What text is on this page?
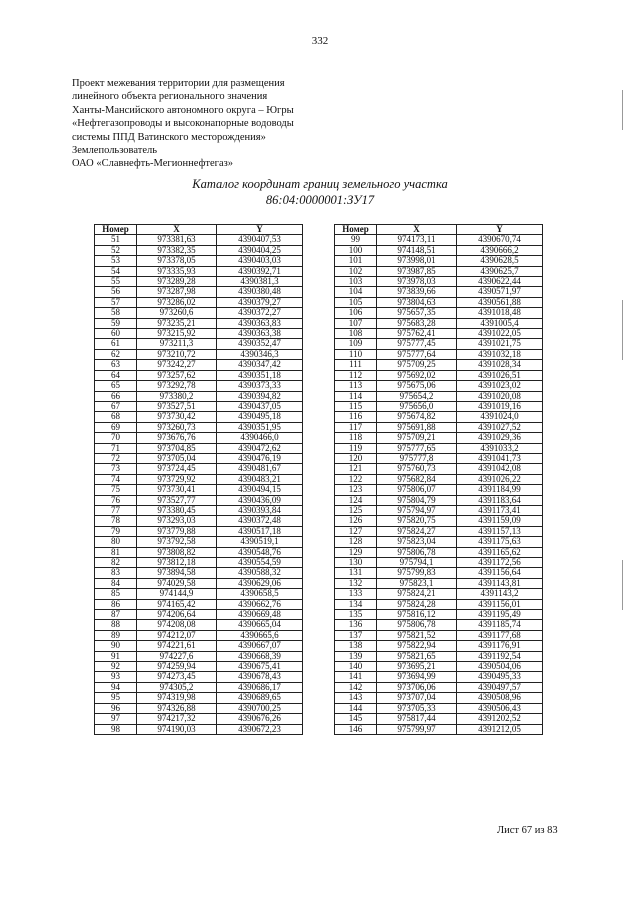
332
Проект межевания территории для размещения
линейного объекта регионального значения
Ханты-Мансийского автономного округа – Югры
«Нефтегазопроводы и высоконапорные водоводы
системы ППД Ватинского месторождения»
Землепользователь
ОАО «Славнефть-Мегионнефтегаз»
Каталог координат границ земельного участка
86:04:0000001:ЗУ17
Номер	X	Y
51	973381,63	4390407,53
52	973382,35	4390404,25
53	973378,05	4390403,03
54	973335,93	4390392,71
55	973289,28	4390381,3
56	973287,98	4390380,48
57	973286,02	4390379,27
58	973260,6	4390372,27
59	973235,21	4390363,83
60	973215,92	4390363,38
61	973211,3	4390352,47
62	973210,72	4390346,3
63	973242,27	4390347,42
64	973257,62	4390351,18
65	973292,78	4390373,33
66	973380,2	4390394,82
67	973527,51	4390437,05
68	973730,42	4390495,18
69	973260,73	4390351,95
70	973676,76	4390466,0
71	973704,85	4390472,62
72	973705,04	4390476,19
73	973724,45	4390481,67
74	973729,92	4390483,21
75	973730,41	4390494,15
76	973527,77	4390436,09
77	973380,45	4390393,84
78	973293,03	4390372,48
79	973779,88	4390517,18
80	973792,58	4390519,1
81	973808,82	4390548,76
82	973812,18	4390554,59
83	973894,58	4390588,32
84	974029,58	4390629,06
85	974144,9	4390658,5
86	974165,42	4390662,76
87	974206,64	4390669,48
88	974208,08	4390665,04
89	974212,07	4390665,6
90	974221,61	4390667,07
91	974227,6	4390668,39
92	974259,94	4390675,41
93	974273,45	4390678,43
94	974305,2	4390686,17
95	974319,98	4390689,65
96	974326,88	4390700,25
97	974217,32	4390676,26
98	974190,03	4390672,23
Номер	X	Y
99	974173,11	4390670,74
100	974148,51	4390666,2
101	973998,01	4390628,5
102	973987,85	4390625,7
103	973978,03	4390622,44
104	973839,66	4390571,97
105	973804,63	4390561,88
106	975657,35	4391018,48
107	975683,28	4391005,4
108	975762,41	4391022,05
109	975777,45	4391021,75
110	975777,64	4391032,18
111	975709,25	4391028,34
112	975692,02	4391026,51
113	975675,06	4391023,02
114	975654,2	4391020,08
115	975656,0	4391019,16
116	975674,82	4391024,0
117	975691,88	4391027,52
118	975709,21	4391029,36
119	975777,65	4391033,2
120	975777,8	4391041,73
121	975760,73	4391042,08
122	975682,84	4391026,22
123	975806,07	4391184,99
124	975804,79	4391183,64
125	975794,97	4391173,41
126	975820,75	4391159,09
127	975824,27	4391157,13
128	975823,04	4391175,63
129	975806,78	4391165,62
130	975794,1	4391172,56
131	975799,83	4391156,64
132	975823,1	4391143,81
133	975824,21	4391143,2
134	975824,28	4391156,01
135	975816,12	4391195,49
136	975806,78	4391185,74
137	975821,52	4391177,68
138	975822,94	4391176,91
139	975821,65	4391192,54
140	973695,21	4390504,06
141	973694,99	4390495,33
142	973706,06	4390497,57
143	973707,04	4390508,96
144	973705,33	4390506,43
145	975817,44	4391202,52
146	975799,97	4391212,05
Лист 67 из 83
